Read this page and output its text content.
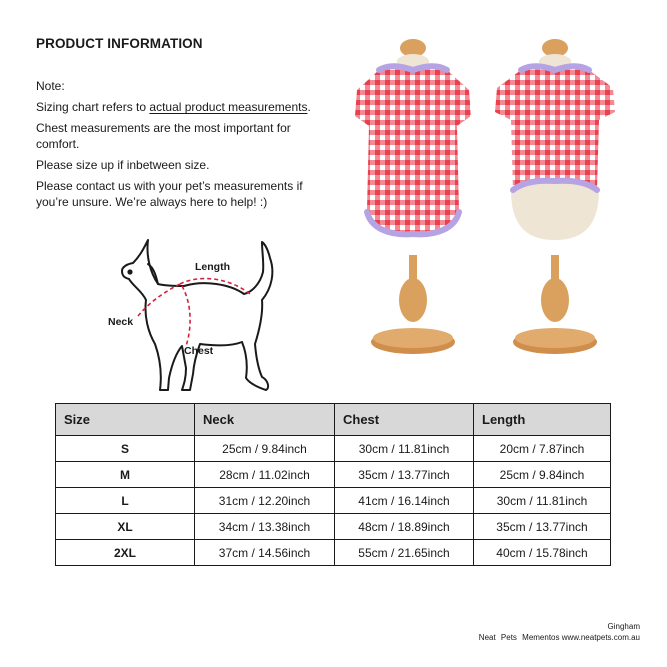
PRODUCT INFORMATION

Note:

Sizing chart refers to actual product measurements.

Chest measurements are the most important for comfort.

Please size up if inbetween size.

Please contact us with your pet’s measurements if you’re unsure. We’re always here to help! :)

Length
Neck
Chest
Size	Neck	Chest	Length
S	25cm / 9.84inch	30cm / 11.81inch	20cm / 7.87inch
M	28cm / 11.02inch	35cm / 13.77inch	25cm / 9.84inch
L	31cm / 12.20inch	41cm / 16.14inch	30cm / 11.81inch
XL	34cm / 13.38inch	48cm / 18.89inch	35cm / 13.77inch
2XL	37cm / 14.56inch	55cm / 21.65inch	40cm / 15.78inch
Gingham
Neat Pets Mementos www.neatpets.com.au
